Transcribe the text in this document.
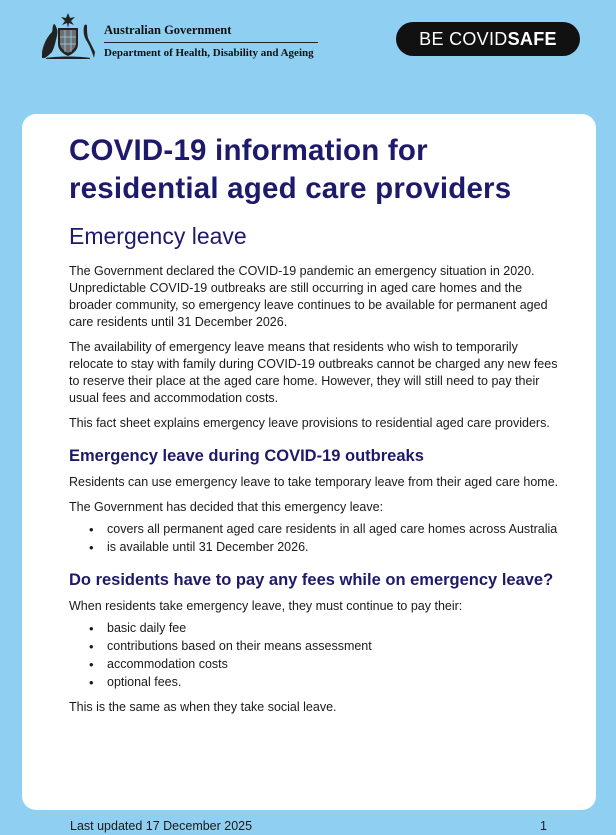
Australian Government
Department of Health, Disability and Ageing
BE COVIDSAFE
COVID-19 information for residential aged care providers
Emergency leave

The Government declared the COVID-19 pandemic an emergency situation in 2020. Unpredictable COVID-19 outbreaks are still occurring in aged care homes and the broader community, so emergency leave continues to be available for permanent aged care residents until 31 December 2026.

The availability of emergency leave means that residents who wish to temporarily relocate to stay with family during COVID-19 outbreaks cannot be charged any new fees to reserve their place at the aged care home. However, they will still need to pay their usual fees and accommodation costs.

This fact sheet explains emergency leave provisions to residential aged care providers.

Emergency leave during COVID-19 outbreaks

Residents can use emergency leave to take temporary leave from their aged care home.

The Government has decided that this emergency leave:

• covers all permanent aged care residents in all aged care homes across Australia
• is available until 31 December 2026.
Do residents have to pay any fees while on emergency leave?

When residents take emergency leave, they must continue to pay their:

• basic daily fee
• contributions based on their means assessment
• accommodation costs
• optional fees.

This is the same as when they take social leave.

Last updated 17 December 2025	1
